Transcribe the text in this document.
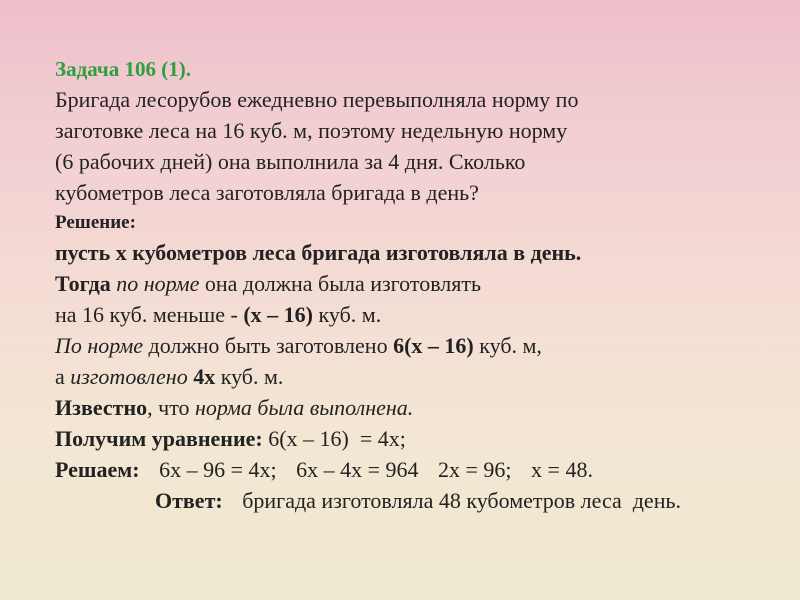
Задача 106 (1).
Бригада лесорубов ежедневно перевыполняла норму по
заготовке леса на 16 куб. м, поэтому недельную норму
(6 рабочих дней) она выполнила за 4 дня. Сколько
кубометров леса заготовляла бригада в день?
Решение:
пусть х кубометров леса бригада изготовляла в день.
Тогда по норме она должна была изготовлять
на 16 куб. меньше - (х – 16) куб. м.
По норме должно быть заготовлено 6(х – 16) куб. м,
а изготовлено 4х куб. м.
Известно, что норма была выполнена.
Получим уравнение: 6(х – 16)  = 4х;
Решаем: 6х – 96 = 4х; 6х – 4х = 964 2х = 96; х = 48.
Ответ: бригада изготовляла 48 кубометров леса  день.
